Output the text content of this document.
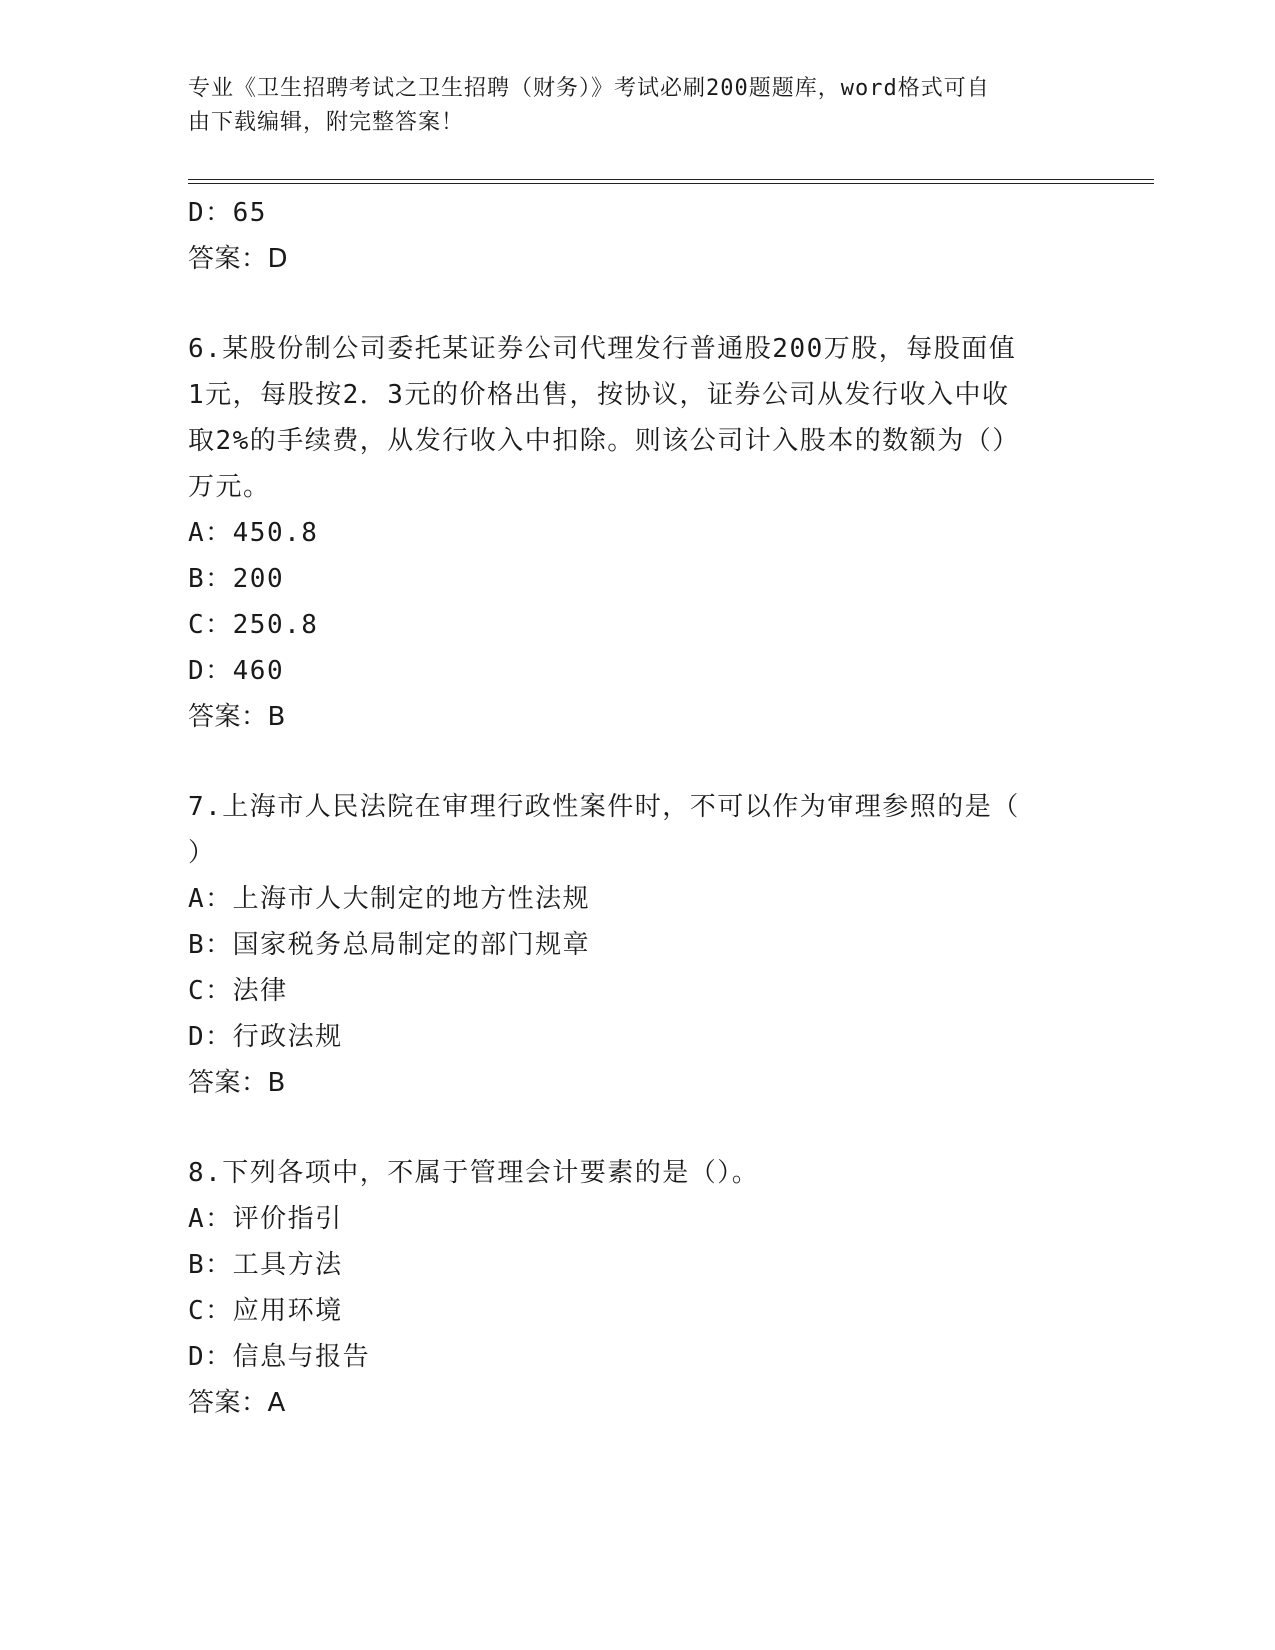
专业《卫生招聘考试之卫生招聘（财务）》考试必刷200题题库，word格式可自
由下载编辑，附完整答案！
D：65
答案：D
6.某股份制公司委托某证券公司代理发行普通股200万股，每股面值
1元，每股按2．3元的价格出售，按协议，证券公司从发行收入中收
取2%的手续费，从发行收入中扣除。则该公司计入股本的数额为（）
万元。
A：450.8
B：200
C：250.8
D：460
答案：B
7.上海市人民法院在审理行政性案件时，不可以作为审理参照的是（
）
A：上海市人大制定的地方性法规
B：国家税务总局制定的部门规章
C：法律
D：行政法规
答案：B
8.下列各项中，不属于管理会计要素的是（）。
A：评价指引
B：工具方法
C：应用环境
D：信息与报告
答案：A
